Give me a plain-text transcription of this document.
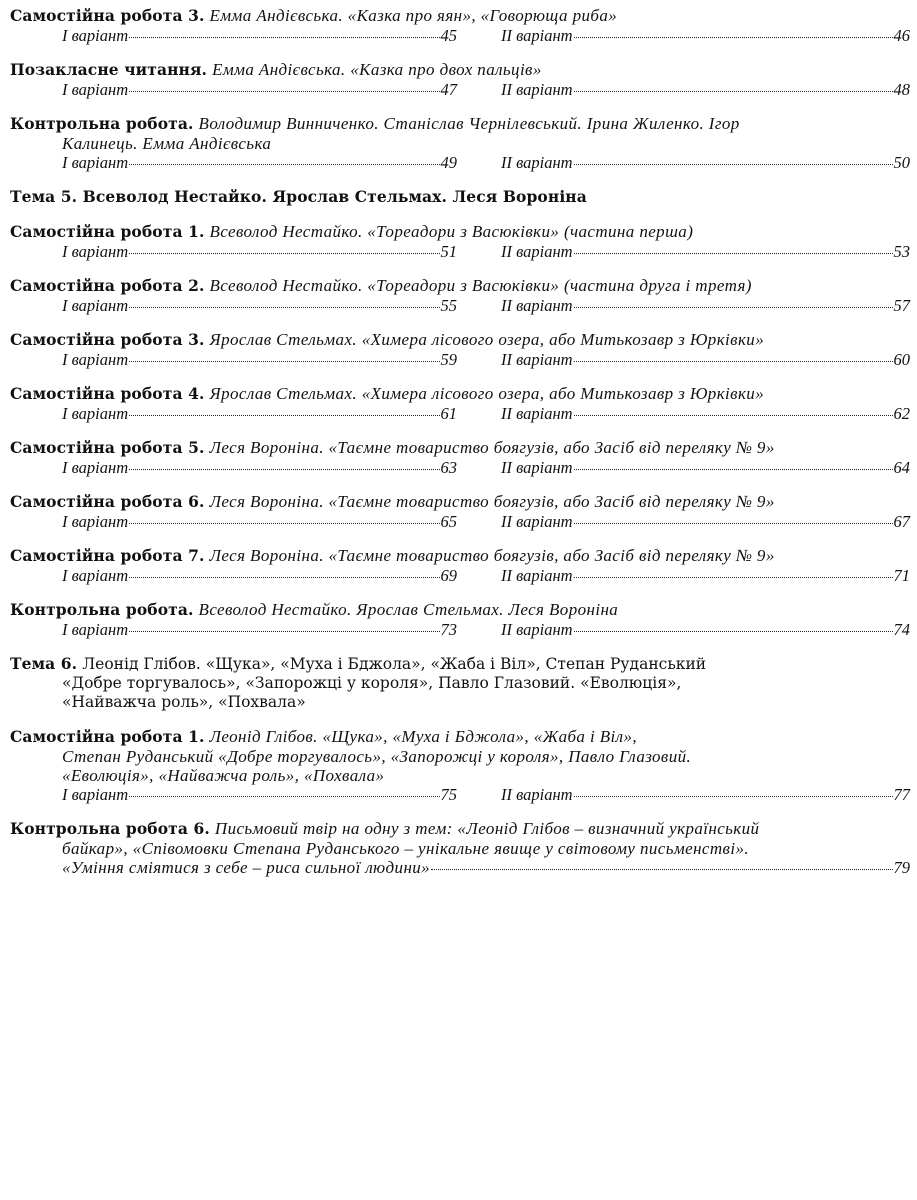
Самостійна робота 3. Емма Андієвська. «Казка про яян», «Говорюща риба»
І варіант	45	ІІ варіант	46
Позакласне читання. Емма Андієвська. «Казка про двох пальців»
І варіант	47	ІІ варіант	48
Контрольна робота. Володимир Винниченко. Станіслав Чернілевський. Ірина Жиленко. Ігор
Калинець. Емма Андієвська
І варіант	49	ІІ варіант	50
Тема 5. Всеволод Нестайко. Ярослав Стельмах. Леся Вороніна
Самостійна робота 1. Всеволод Нестайко. «Тореадори з Васюківки» (частина перша)
І варіант	51	ІІ варіант	53
Самостійна робота 2. Всеволод Нестайко. «Тореадори з Васюківки» (частина друга і третя)
І варіант	55	ІІ варіант	57
Самостійна робота 3. Ярослав Стельмах. «Химера лісового озера, або Митькозавр з Юрківки»
І варіант	59	ІІ варіант	60
Самостійна робота 4. Ярослав Стельмах. «Химера лісового озера, або Митькозавр з Юрківки»
І варіант	61	ІІ варіант	62
Самостійна робота 5. Леся Вороніна. «Таємне товариство боягузів, або Засіб від переляку № 9»
І варіант	63	ІІ варіант	64
Самостійна робота 6. Леся Вороніна. «Таємне товариство боягузів, або Засіб від переляку № 9»
І варіант	65	ІІ варіант	67
Самостійна робота 7. Леся Вороніна. «Таємне товариство боягузів, або Засіб від переляку № 9»
І варіант	69	ІІ варіант	71
Контрольна робота. Всеволод Нестайко. Ярослав Стельмах. Леся Вороніна
І варіант	73	ІІ варіант	74
Тема 6. Леонід Глібов. «Щука», «Муха і Бджола», «Жаба і Віл», Степан Руданський
«Добре торгувалось», «Запорожці у короля», Павло Глазовий. «Еволюція»,
«Найважча роль», «Похвала»
Самостійна робота 1. Леонід Глібов. «Щука», «Муха і Бджола», «Жаба і Віл»,
Степан Руданський «Добре торгувалось», «Запорожці у короля», Павло Глазовий.
«Еволюція», «Найважча роль», «Похвала»
І варіант	75	ІІ варіант	77
Контрольна робота 6. Письмовий твір на одну з тем: «Леонід Глібов – визначний український
байкар», «Співомовки Степана Руданського – унікальне явище у світовому письменстві».
«Уміння сміятися з себе – риса сильної людини»	79
